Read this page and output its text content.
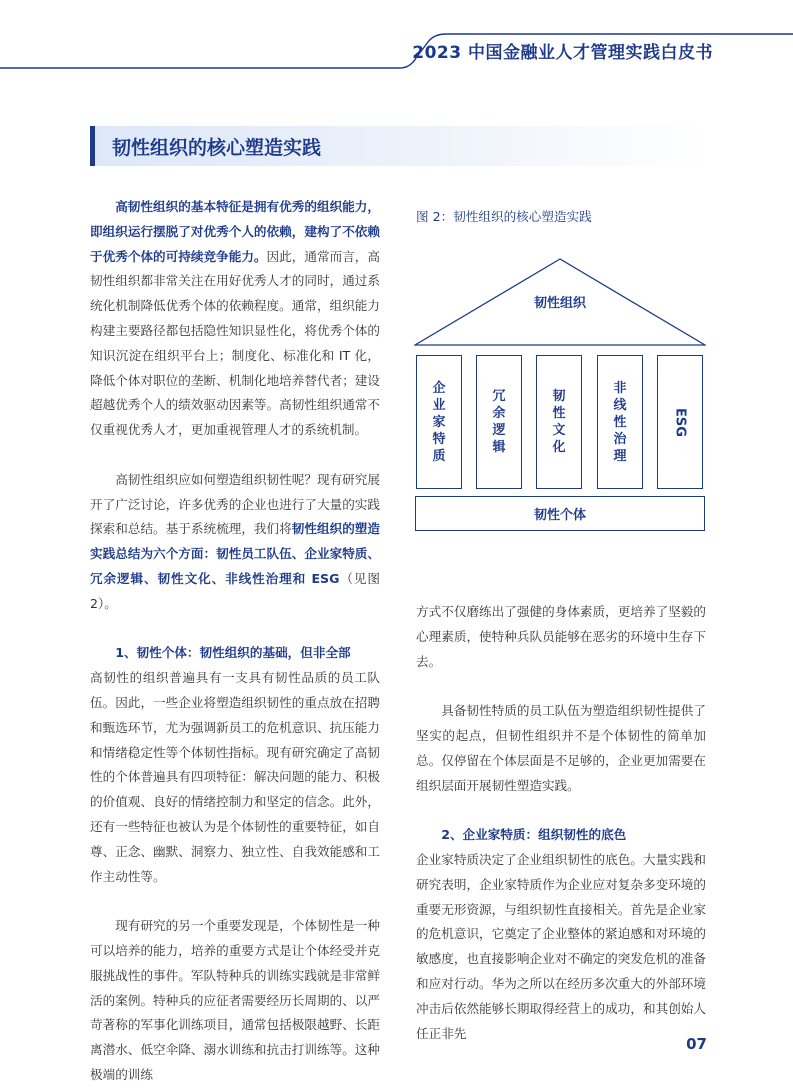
2023 中国金融业人才管理实践白皮书
韧性组织的核心塑造实践

高韧性组织的基本特征是拥有优秀的组织能力，即组织运行摆脱了对优秀个人的依赖，建构了不依赖于优秀个体的可持续竞争能力。因此，通常而言，高韧性组织都非常关注在用好优秀人才的同时，通过系统化机制降低优秀个体的依赖程度。通常，组织能力构建主要路径都包括隐性知识显性化，将优秀个体的知识沉淀在组织平台上；制度化、标准化和 IT 化，降低个体对职位的垄断、机制化地培养替代者；建设超越优秀个人的绩效驱动因素等。高韧性组织通常不仅重视优秀人才，更加重视管理人才的系统机制。

高韧性组织应如何塑造组织韧性呢？现有研究展开了广泛讨论，许多优秀的企业也进行了大量的实践探索和总结。基于系统梳理，我们将韧性组织的塑造实践总结为六个方面：韧性员工队伍、企业家特质、冗余逻辑、韧性文化、非线性治理和 ESG（见图 2）。

1、韧性个体：韧性组织的基础，但非全部
高韧性的组织普遍具有一支具有韧性品质的员工队伍。因此，一些企业将塑造组织韧性的重点放在招聘和甄选环节，尤为强调新员工的危机意识、抗压能力和情绪稳定性等个体韧性指标。现有研究确定了高韧性的个体普遍具有四项特征：解决问题的能力、积极的价值观、良好的情绪控制力和坚定的信念。此外，还有一些特征也被认为是个体韧性的重要特征，如自尊、正念、幽默、洞察力、独立性、自我效能感和工作主动性等。

现有研究的另一个重要发现是，个体韧性是一种可以培养的能力，培养的重要方式是让个体经受并克服挑战性的事件。军队特种兵的训练实践就是非常鲜活的案例。特种兵的应征者需要经历长周期的、以严苛著称的军事化训练项目，通常包括极限越野、长距离潜水、低空伞降、溺水训练和抗击打训练等。这种极端的训练

图 2：韧性组织的核心塑造实践
韧性组织
企业家特质
冗余逻辑
韧性文化
非线性治理
ESG
韧性个体

方式不仅磨练出了强健的身体素质，更培养了坚毅的心理素质，使特种兵队员能够在恶劣的环境中生存下去。

具备韧性特质的员工队伍为塑造组织韧性提供了坚实的起点，但韧性组织并不是个体韧性的简单加总。仅停留在个体层面是不足够的，企业更加需要在组织层面开展韧性塑造实践。

2、企业家特质：组织韧性的底色
企业家特质决定了企业组织韧性的底色。大量实践和研究表明，企业家特质作为企业应对复杂多变环境的重要无形资源，与组织韧性直接相关。首先是企业家的危机意识，它奠定了企业整体的紧迫感和对环境的敏感度，也直接影响企业对不确定的突发危机的准备和应对行动。华为之所以在经历多次重大的外部环境冲击后依然能够长期取得经营上的成功，和其创始人任正非先

07
